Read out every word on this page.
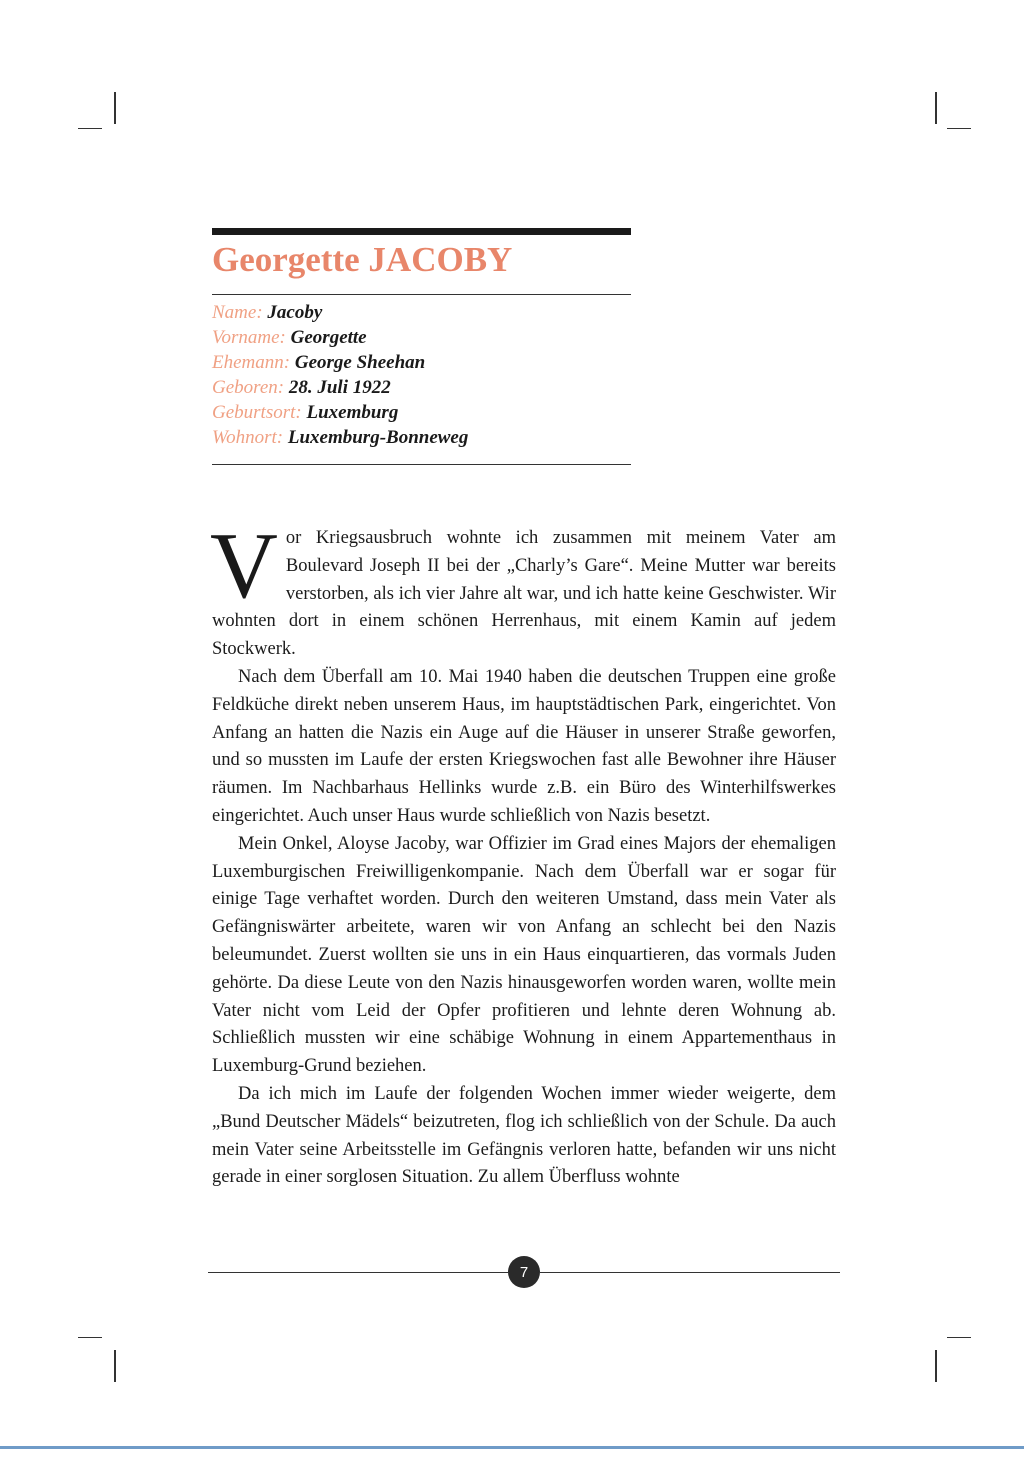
Georgette JACOBY
Name: Jacoby
Vorname: Georgette
Ehemann: George Sheehan
Geboren: 28. Juli 1922
Geburtsort: Luxemburg
Wohnort: Luxemburg-Bonneweg

Vor Kriegsausbruch wohnte ich zusammen mit meinem Vater am Boulevard Joseph II bei der „Charly’s Gare“. Meine Mutter war bereits verstorben, als ich vier Jahre alt war, und ich hatte keine Geschwister. Wir wohnten dort in einem schönen Herrenhaus, mit einem Kamin auf jedem Stockwerk.

Nach dem Überfall am 10. Mai 1940 haben die deutschen Truppen eine große Feldküche direkt neben unserem Haus, im hauptstädtischen Park, eingerichtet. Von Anfang an hatten die Nazis ein Auge auf die Häuser in unserer Straße geworfen, und so mussten im Laufe der ersten Kriegswochen fast alle Bewohner ihre Häuser räumen. Im Nachbarhaus Hellinks wurde z.B. ein Büro des Winterhilfswerkes eingerichtet. Auch unser Haus wurde schließlich von Nazis besetzt.

Mein Onkel, Aloyse Jacoby, war Offizier im Grad eines Majors der ehemaligen Luxemburgischen Freiwilligenkompanie. Nach dem Überfall war er sogar für einige Tage verhaftet worden. Durch den weiteren Umstand, dass mein Vater als Gefängniswärter arbeitete, waren wir von Anfang an schlecht bei den Nazis beleumundet. Zuerst wollten sie uns in ein Haus einquartieren, das vormals Juden gehörte. Da diese Leute von den Nazis hinausgeworfen worden waren, wollte mein Vater nicht vom Leid der Opfer profitieren und lehnte deren Wohnung ab. Schließlich mussten wir eine schäbige Wohnung in einem Appartementhaus in Luxemburg-Grund beziehen.

Da ich mich im Laufe der folgenden Wochen immer wieder weigerte, dem „Bund Deutscher Mädels“ beizutreten, flog ich schließlich von der Schule. Da auch mein Vater seine Arbeitsstelle im Gefängnis verloren hatte, befanden wir uns nicht gerade in einer sorglosen Situation. Zu allem Überfluss wohnte

7
